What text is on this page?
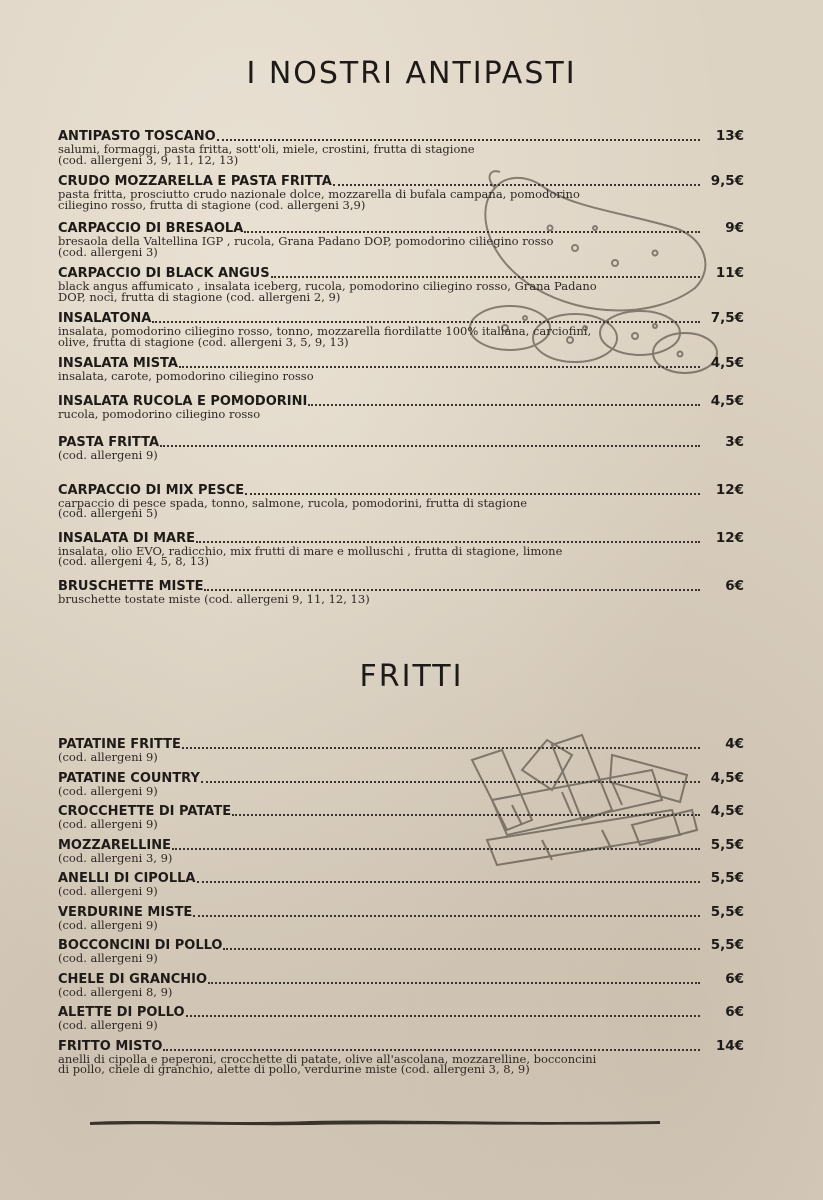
I NOSTRI ANTIPASTI
ANTIPASTO TOSCANO	13€
salumi, formaggi, pasta fritta, sott'oli, miele, crostini, frutta di stagione
(cod. allergeni 3, 9, 11, 12, 13)
CRUDO MOZZARELLA E PASTA FRITTA	9,5€
pasta fritta, prosciutto crudo nazionale dolce, mozzarella di bufala campana, pomodorino
ciliegino rosso, frutta di stagione (cod. allergeni 3,9)
CARPACCIO DI BRESAOLA	9€
bresaola della Valtellina IGP , rucola, Grana Padano DOP, pomodorino ciliegino rosso
(cod. allergeni 3)
CARPACCIO DI BLACK ANGUS	11€
black angus affumicato , insalata iceberg, rucola, pomodorino ciliegino rosso, Grana Padano
DOP, noci, frutta di stagione (cod. allergeni 2, 9)
INSALATONA	7,5€
insalata, pomodorino ciliegino rosso, tonno, mozzarella fiordilatte 100% italiana, carciofini,
olive, frutta di stagione (cod. allergeni 3, 5, 9, 13)
INSALATA MISTA	4,5€
insalata, carote, pomodorino ciliegino rosso
INSALATA RUCOLA E POMODORINI	4,5€
rucola, pomodorino ciliegino rosso
PASTA FRITTA	3€
(cod. allergeni 9)
CARPACCIO DI MIX PESCE	12€
carpaccio di pesce spada, tonno, salmone, rucola, pomodorini, frutta di stagione
(cod. allergeni 5)
INSALATA DI MARE	12€
insalata, olio EVO, radicchio, mix frutti di mare e molluschi , frutta di stagione, limone
(cod. allergeni 4, 5, 8, 13)
BRUSCHETTE MISTE	6€
bruschette tostate miste (cod. allergeni 9, 11, 12, 13)
FRITTI
PATATINE FRITTE	4€
(cod. allergeni 9)
PATATINE COUNTRY	4,5€
(cod. allergeni 9)
CROCCHETTE DI PATATE	4,5€
(cod. allergeni 9)
MOZZARELLINE	5,5€
(cod. allergeni 3, 9)
ANELLI DI CIPOLLA	5,5€
(cod. allergeni 9)
VERDURINE MISTE	5,5€
(cod. allergeni 9)
BOCCONCINI DI POLLO	5,5€
(cod. allergeni 9)
CHELE DI GRANCHIO	6€
(cod. allergeni 8, 9)
ALETTE DI POLLO	6€
(cod. allergeni 9)
FRITTO MISTO	14€
anelli di cipolla e peperoni, crocchette di patate, olive all'ascolana, mozzarelline, bocconcini
di pollo, chele di granchio, alette di pollo, verdurine miste (cod. allergeni 3, 8, 9)
